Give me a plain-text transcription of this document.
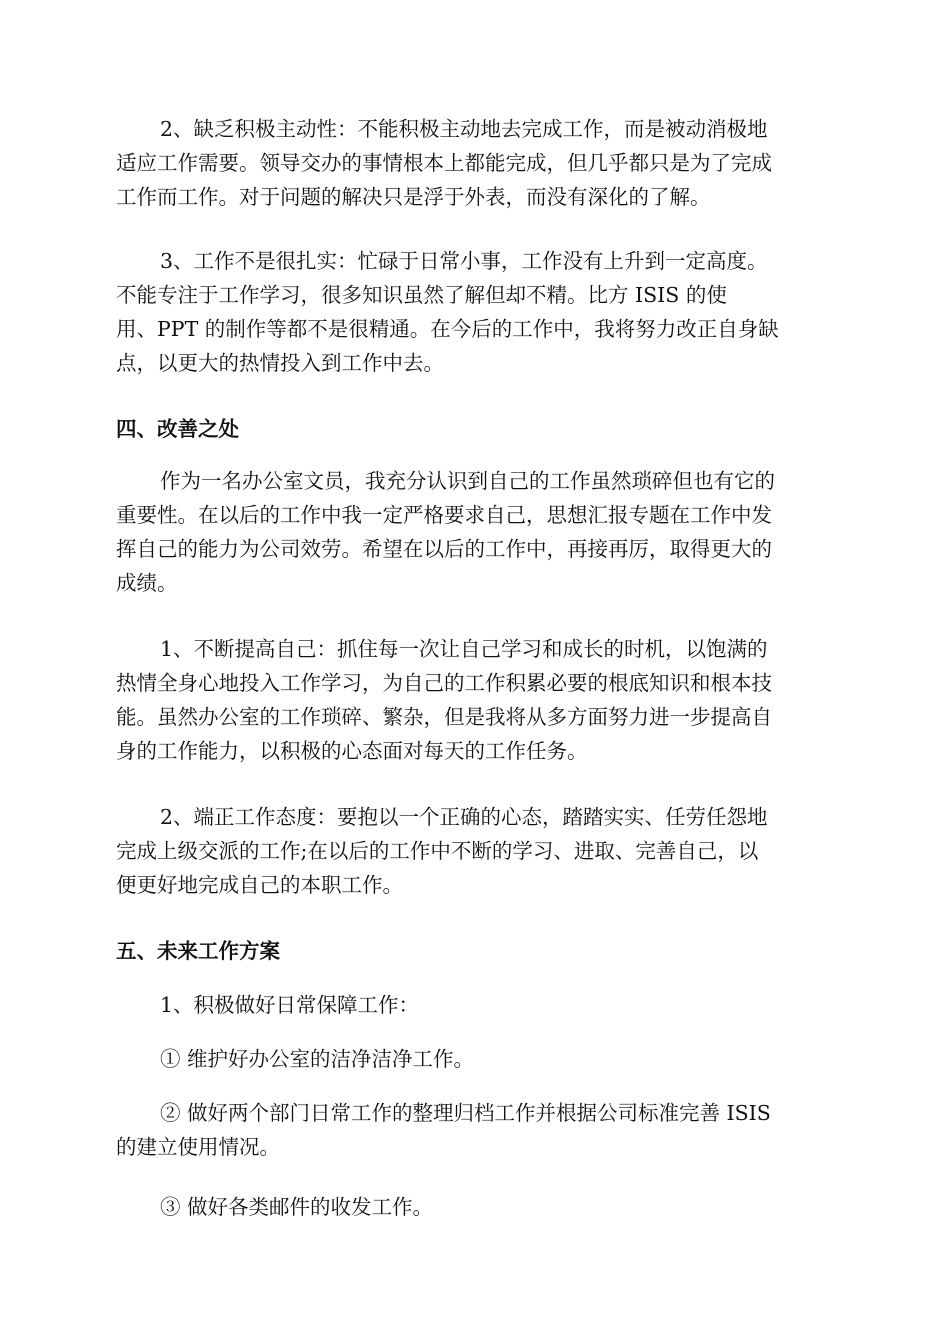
2、缺乏积极主动性：不能积极主动地去完成工作，而是被动消极地
适应工作需要。领导交办的事情根本上都能完成，但几乎都只是为了完成
工作而工作。对于问题的解决只是浮于外表，而没有深化的了解。
3、工作不是很扎实：忙碌于日常小事，工作没有上升到一定高度。
不能专注于工作学习，很多知识虽然了解但却不精。比方 ISIS 的使
用、PPT 的制作等都不是很精通。在今后的工作中，我将努力改正自身缺
点，以更大的热情投入到工作中去。
四、改善之处
作为一名办公室文员，我充分认识到自己的工作虽然琐碎但也有它的
重要性。在以后的工作中我一定严格要求自己，思想汇报专题在工作中发
挥自己的能力为公司效劳。希望在以后的工作中，再接再厉，取得更大的
成绩。
1、不断提高自己：抓住每一次让自己学习和成长的时机，以饱满的
热情全身心地投入工作学习，为自己的工作积累必要的根底知识和根本技
能。虽然办公室的工作琐碎、繁杂，但是我将从多方面努力进一步提高自
身的工作能力，以积极的心态面对每天的工作任务。
2、端正工作态度：要抱以一个正确的心态，踏踏实实、任劳任怨地
完成上级交派的工作;在以后的工作中不断的学习、进取、完善自己，以
便更好地完成自己的本职工作。
五、未来工作方案
1、积极做好日常保障工作：
① 维护好办公室的洁净洁净工作。
② 做好两个部门日常工作的整理归档工作并根据公司标准完善 ISIS
的建立使用情况。
③ 做好各类邮件的收发工作。
